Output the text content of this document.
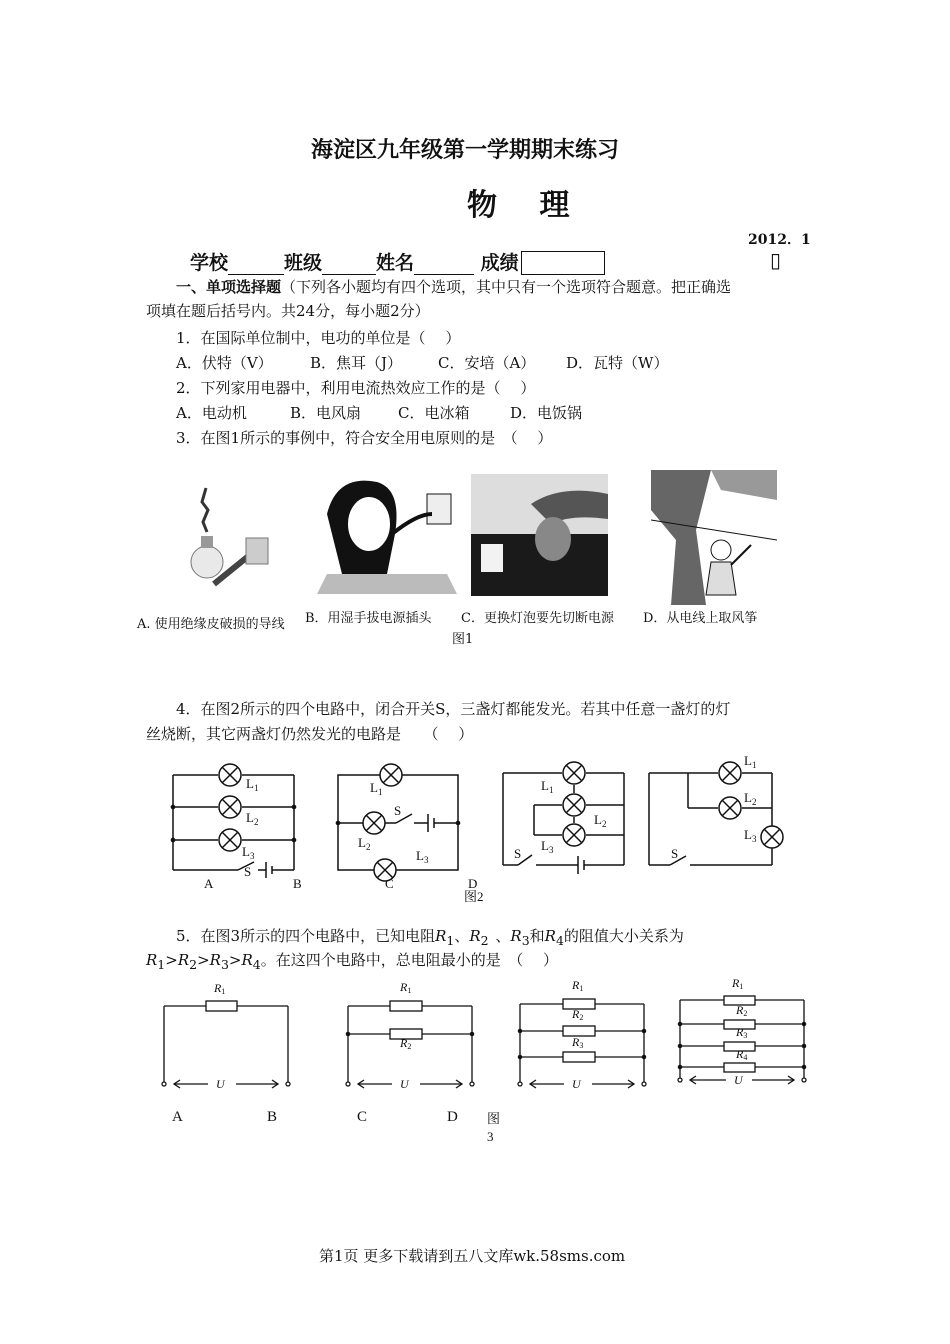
海淀区九年级第一学期期末练习
物 理
2012．1
学校	班级	姓名	成绩	▯
一、单项选择题（下列各小题均有四个选项，其中只有一个选项符合题意。把正确选
项填在题后括号内。共24分，每小题2分）
1．在国际单位制中，电功的单位是（　 ）
A．伏特（V） B．焦耳（J） C．安培（A） D．瓦特（W）
2．下列家用电器中，利用电流热效应工作的是（　 ）
A．电动机	B．电风扇 C．电冰箱	D．电饭锅
3．在图1所示的事例中，符合安全用电原则的是　（　 ）
A. 使用绝缘皮破损的导线 B．用湿手拔电源插头 C．更换灯泡要先切断电源 D．从电线上取风筝
图1
4．在图2所示的四个电路中，闭合开关S，三盏灯都能发光。若其中任意一盏灯的灯
丝烧断，其它两盏灯仍然发光的电路是　　（　 ）
$L_1$
$L_2$
$L_3$
S
A	B
$L_1$
$L_2$
$L_3$
S
C	D
$L_1$
$L_2$
$L_3$
S
$L_1$
$L_2$
$L_3$
S
图2
5．在图3所示的四个电路中，已知电阻$R_1$、$R_2$ 、$R_3$和$R_4$的阻值大小关系为
$R_1>R_2>R_3>R_4$。在这四个电路中，总电阻最小的是　（　 ）
R1
U
R1
R2
U
R1
R2
R3
U
R1
R2
R3
R4
U
A	B	C	D 图
3
第1页 更多下载请到五八文库wk.58sms.com
